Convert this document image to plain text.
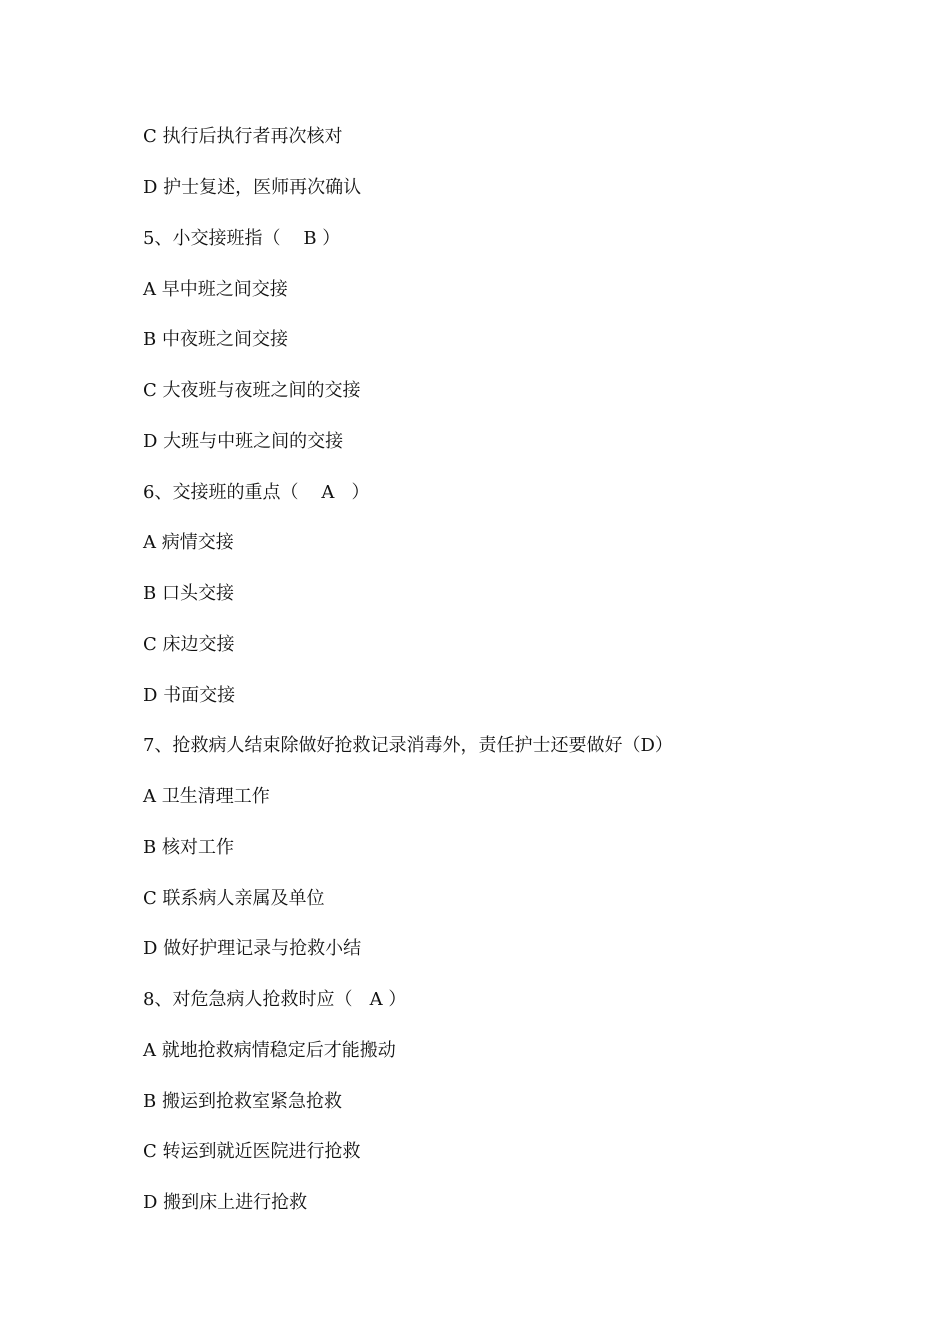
C 执行后执行者再次核对
D 护士复述，医师再次确认
5、小交接班指（    B ）
A 早中班之间交接
B 中夜班之间交接
C 大夜班与夜班之间的交接
D 大班与中班之间的交接
6、交接班的重点（    A   ）
A 病情交接
B 口头交接
C 床边交接
D 书面交接
7、抢救病人结束除做好抢救记录消毒外，责任护士还要做好（D）
A 卫生清理工作
B 核对工作
C 联系病人亲属及单位
D 做好护理记录与抢救小结
8、对危急病人抢救时应（   A ）
A 就地抢救病情稳定后才能搬动
B 搬运到抢救室紧急抢救
C 转运到就近医院进行抢救
D 搬到床上进行抢救
